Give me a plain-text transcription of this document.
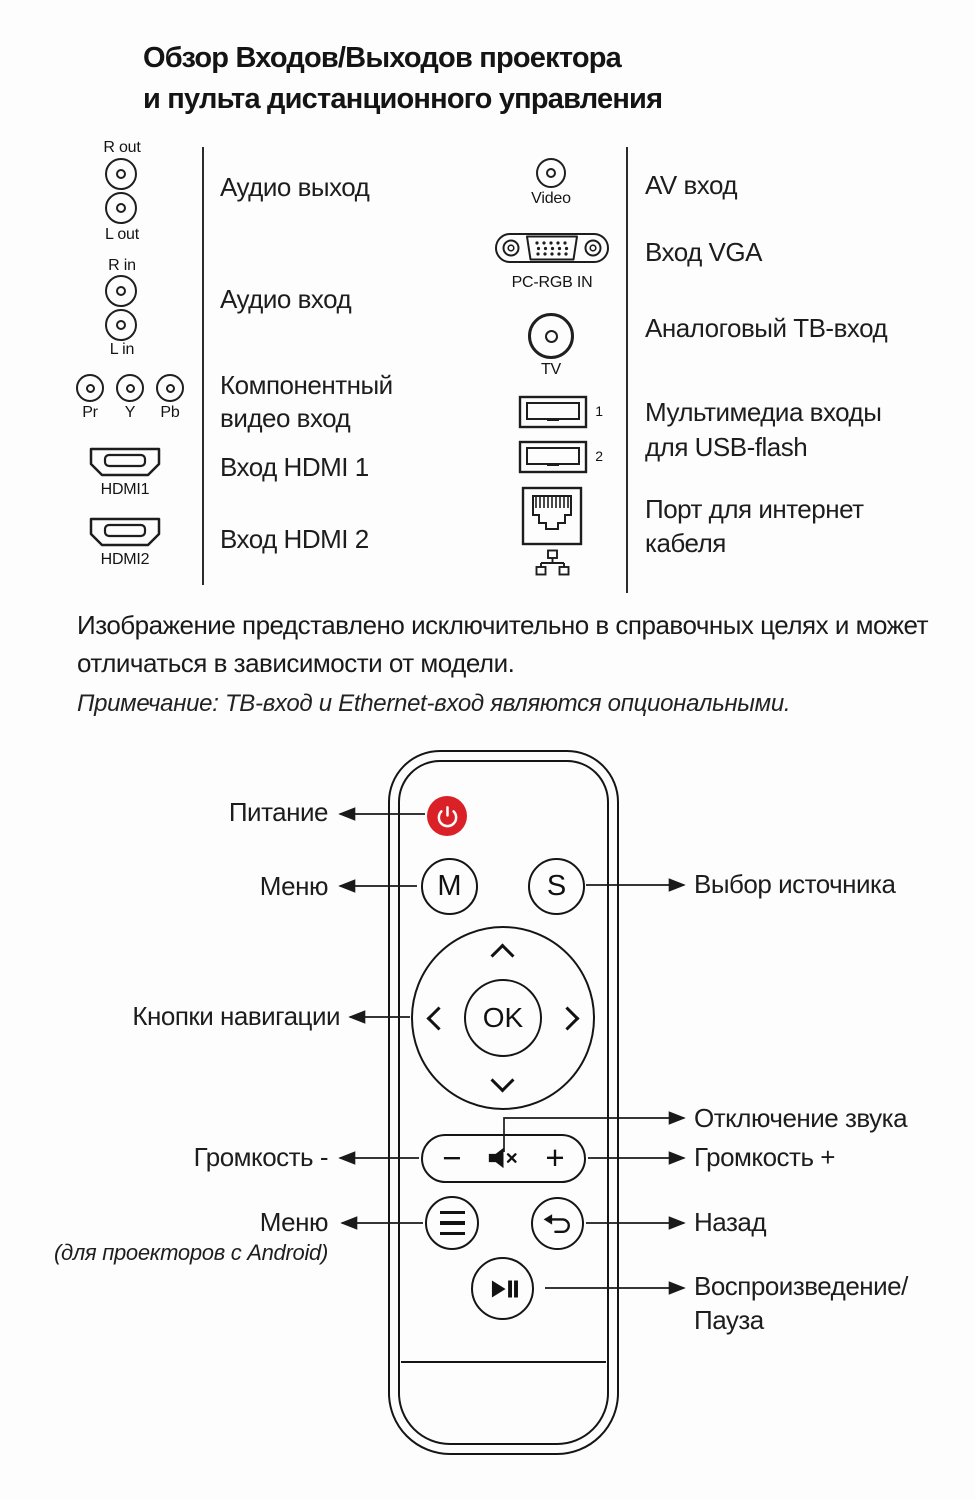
Обзор Входов/Выходов проектора
и пульта дистанционного управления
R out
L out
R in
L in
Pr	Y	Pb
HDMI1
HDMI2
Аудио выход
Аудио вход
Компонентный
видео вход
Вход HDMI 1
Вход HDMI 2
Video
PC-RGB IN
TV
1
2
AV вход
Вход VGA
Аналоговый ТВ-вход
Мультимедиа входы
для USB-flash
Порт для интернет
кабеля
Изображение представлено исключительно в справочных целях и может
отличаться в зависимости от модели.
Примечание: ТВ-вход и Ethernet-вход являются опциональными.
M	S
OK
−	+
Питание
Меню
Кнопки навигации
Громкость -
Меню
(для проекторов с Android)
Выбор источника
Отключение звука
Громкость +
Назад
Воспроизведение/
Пауза
